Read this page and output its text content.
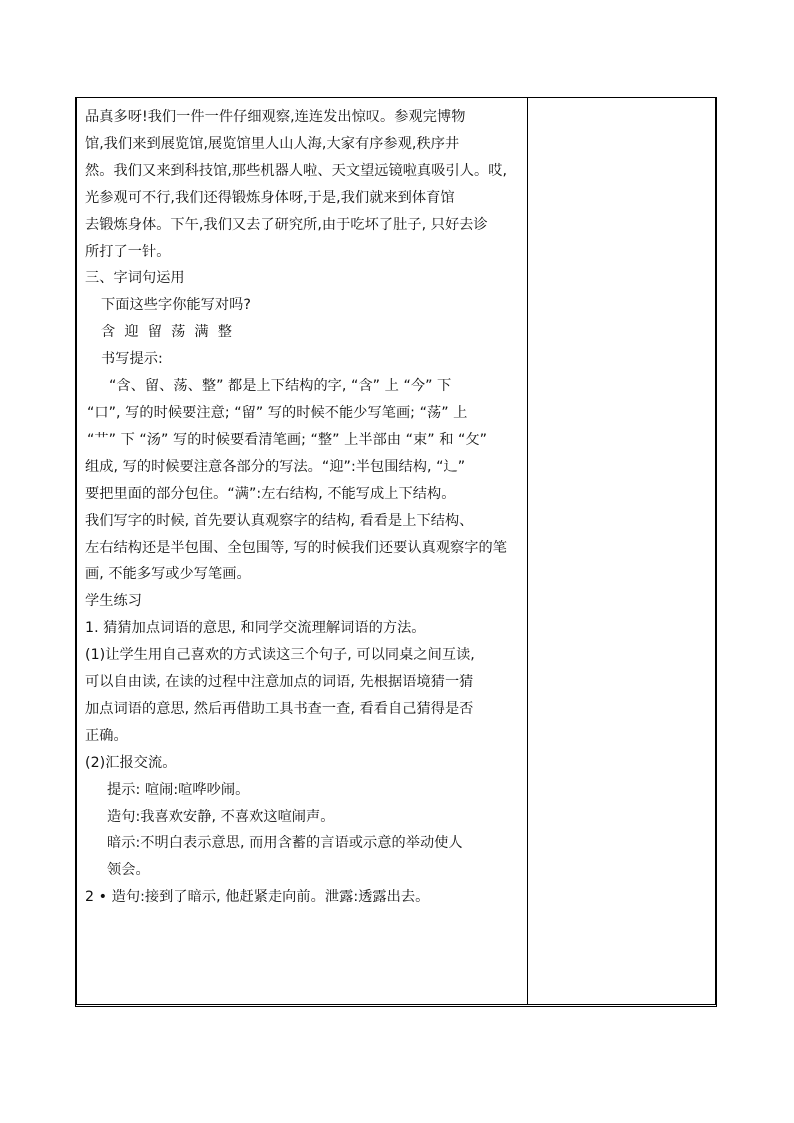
品真多呀!我们一件一件仔细观察,连连发出惊叹。参观完博物
馆,我们来到展览馆,展览馆里人山人海,大家有序参观,秩序井
然。我们又来到科技馆,那些机器人啦、天文望远镜啦真吸引人。哎,
光参观可不行,我们还得锻炼身体呀,于是,我们就来到体育馆
去锻炼身体。下午,我们又去了研究所,由于吃坏了肚子, 只好去诊
所打了一针。
三、字词句运用
下面这些字你能写对吗?
含  迎  留  荡  满  整
书写提示:
“含、留、荡、整” 都是上下结构的字, “含” 上 “今” 下
“口”, 写的时候要注意; “留” 写的时候不能少写笔画; “荡” 上
“艹” 下 “汤” 写的时候要看清笔画; “整” 上半部由 “束” 和 “攵”
组成, 写的时候要注意各部分的写法。“迎”:半包围结构, “辶”
要把里面的部分包住。“满”:左右结构, 不能写成上下结构。
我们写字的时候, 首先要认真观察字的结构, 看看是上下结构、
左右结构还是半包围、全包围等, 写的时候我们还要认真观察字的笔
画, 不能多写或少写笔画。
学生练习
1. 猜猜加点词语的意思, 和同学交流理解词语的方法。
(1)让学生用自己喜欢的方式读这三个句子, 可以同桌之间互读,
可以自由读, 在读的过程中注意加点的词语, 先根据语境猜一猜
加点词语的意思, 然后再借助工具书查一查, 看看自己猜得是否
正确。
(2)汇报交流。
提示: 喧闹:喧哗吵闹。
造句:我喜欢安静, 不喜欢这喧闹声。
暗示:不明白表示意思, 而用含蓄的言语或示意的举动使人
领会。
2 • 造句:接到了暗示, 他赶紧走向前。泄露:透露出去。
